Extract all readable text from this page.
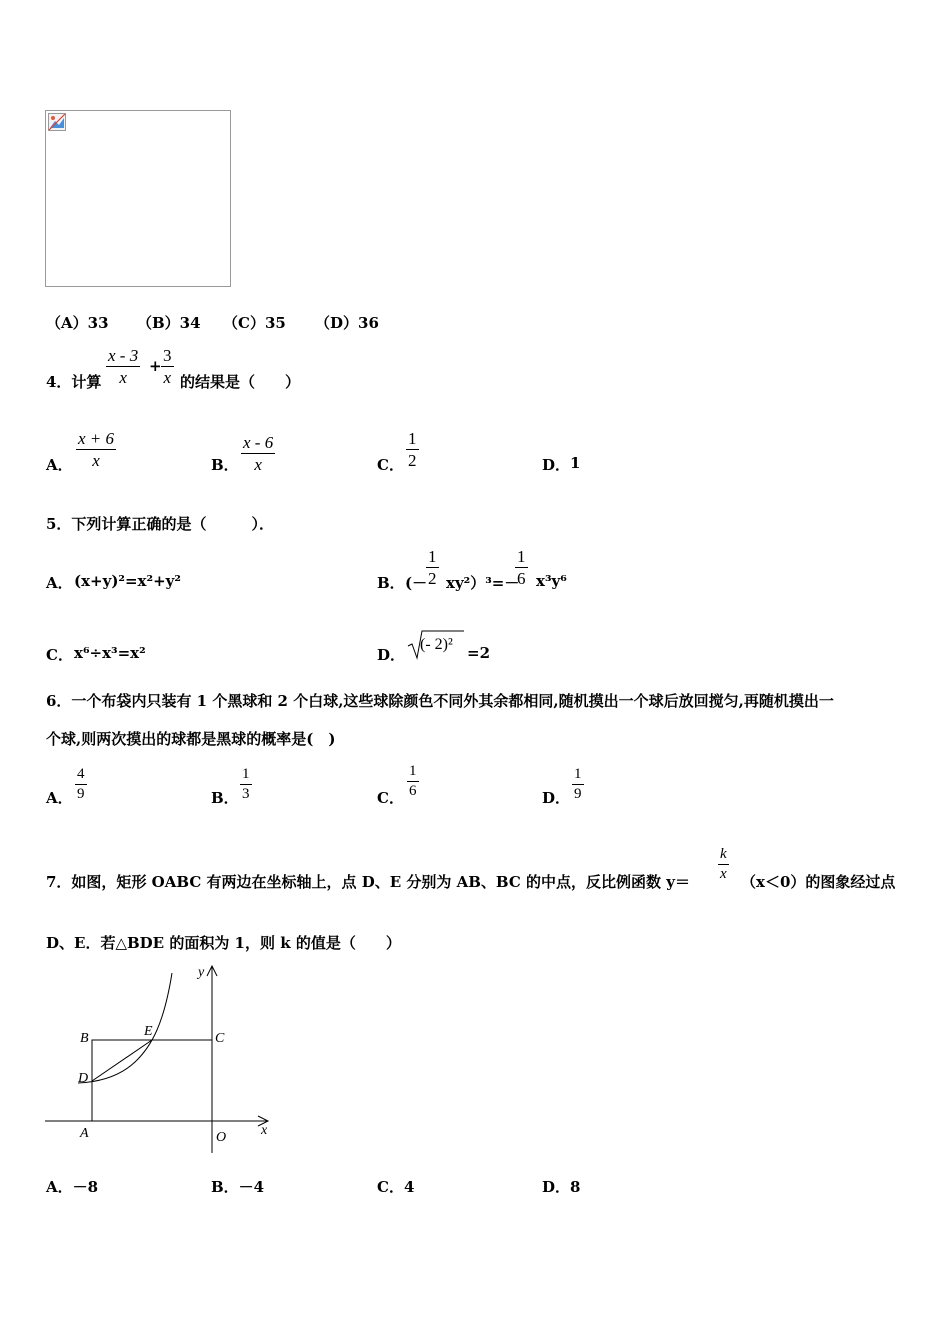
（A）33 （B）34 （C）35 （D）36
4．计算
x - 3
x
+
3
x 的结果是（　　）
A．
x + 6
x	B．
x - 6
x	C．
1
2	D． 1
5．下列计算正确的是（　　　）．
A． (x+y)²=x²+y²	B． (－
1
2 xy²）³=－
1
6 x³y⁶
C． x⁶÷x³=x²	D．
(- 2)² =2
6．一个布袋内只装有 1 个黑球和 2 个白球,这些球除颜色不同外其余都相同,随机摸出一个球后放回搅匀,再随机摸出一
个球,则两次摸出的球都是黑球的概率是(　)
A．
4
9	B．
1
3	C．
1
6	D．
1
9
7．如图，矩形 OABC 有两边在坐标轴上，点 D、E 分别为 AB、BC 的中点，反比例函数 y＝
k
x （x＜0）的图象经过点
D、E．若△BDE 的面积为 1，则 k 的值是（　　）
y
x
B	E	C
D
A	O
A．－8	B．－4	C．4	D．8
